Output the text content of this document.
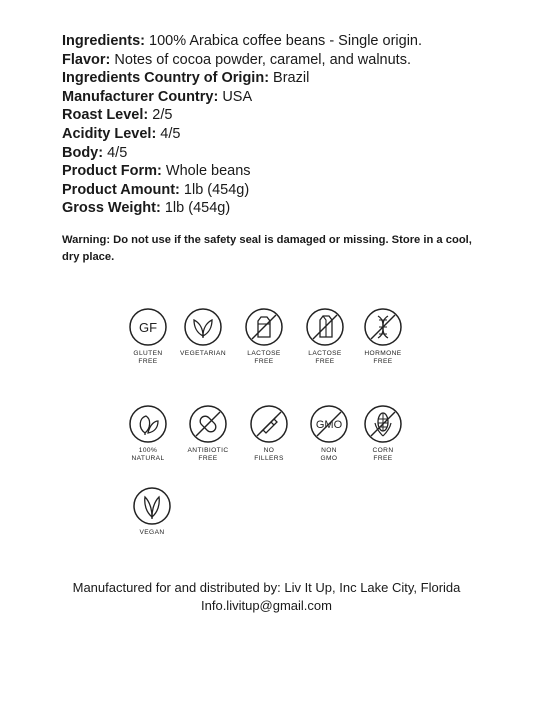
Ingredients: 100% Arabica coffee beans - Single origin.
Flavor: Notes of cocoa powder, caramel, and walnuts.
Ingredients Country of Origin: Brazil
Manufacturer Country: USA
Roast Level: 2/5
Acidity Level: 4/5
Body: 4/5
Product Form: Whole beans
Product Amount: 1lb (454g)
Gross Weight: 1lb (454g)
Warning: Do not use if the safety seal is damaged or missing. Store in a cool, dry place.
GF
GLUTEN
FREE
VEGETARIAN	LACTOSE
FREE
LACTOSE
FREE
HORMONE
FREE
100%
NATURAL
ANTIBIOTIC
FREE
NO
FILLERS
GMO
NON
GMO
CORN
FREE
VEGAN
Manufactured for and distributed by: Liv It Up, Inc Lake City, Florida
Info.livitup@gmail.com
